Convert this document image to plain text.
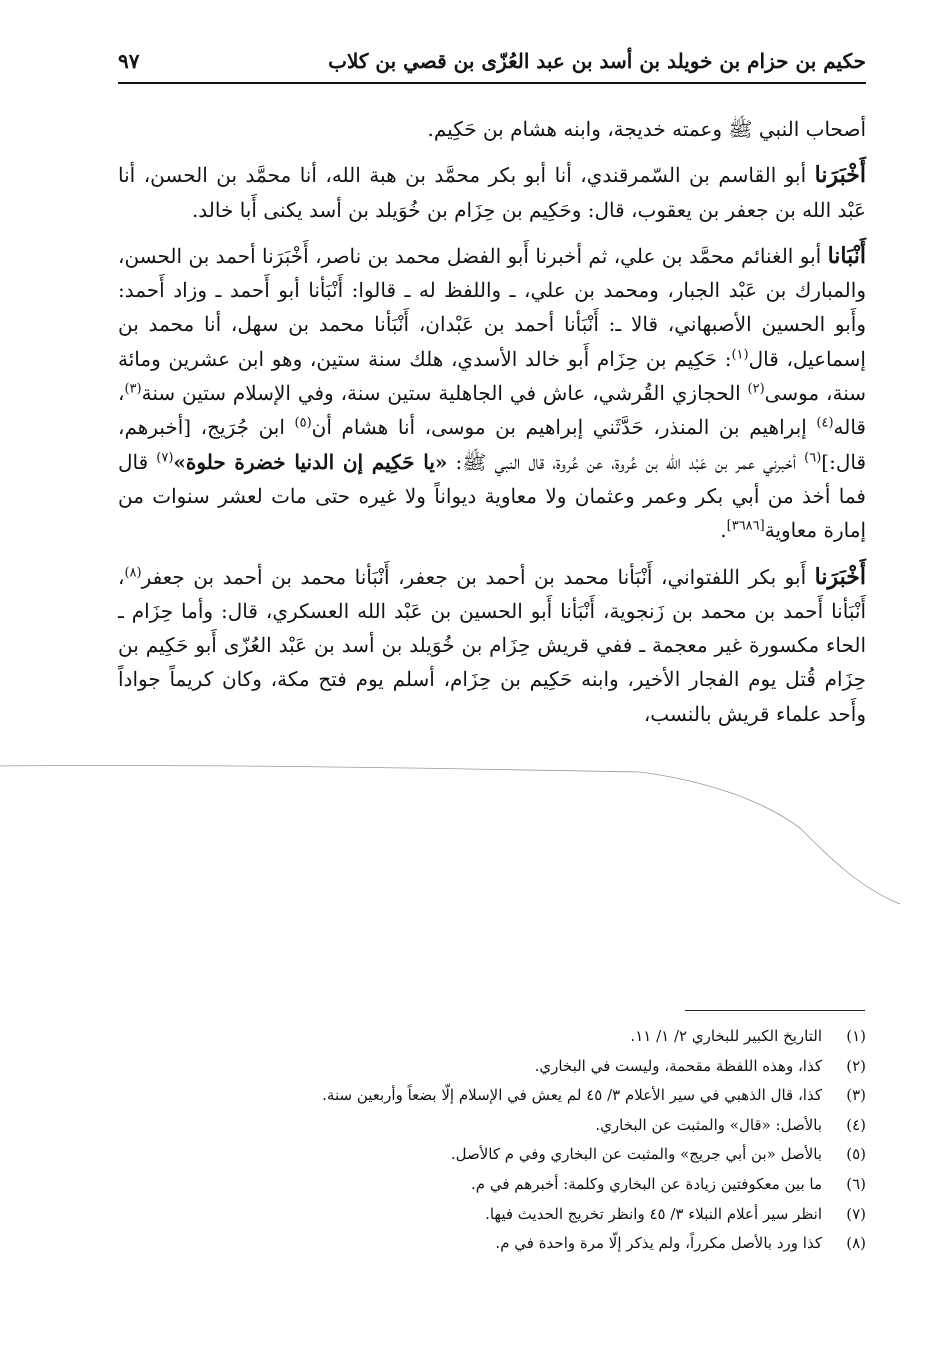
حكيم بن حزام بن خويلد بن أسد بن عبد العُزّى بن قصي بن كلاب
٩٧

أصحاب النبي ﷺ وعمته خديجة، وابنه هشام بن حَكِيم.

أَخْبَرَنا أبو القاسم بن السّمرقندي، أنا أبو بكر محمَّد بن هبة الله، أنا محمَّد بن الحسن، أنا عَبْد الله بن جعفر بن يعقوب، قال: وحَكِيم بن حِزَام بن خُوَيلد بن أسد يكنى أَبا خالد.

أَنْبَانا أبو الغنائم محمَّد بن علي، ثم أخبرنا أَبو الفضل محمد بن ناصر، أَخْبَرَنا أحمد بن الحسن، والمبارك بن عَبْد الجبار، ومحمد بن علي، ـ واللفظ له ـ قالوا: أَنْبَأنا أبو أَحمد ـ وزاد أَحمد: وأَبو الحسين الأصبهاني، قالا ـ: أَنْبَأنا أحمد بن عَبْدان، أَنْبَأنا محمد بن سهل، أنا محمد بن إسماعيل، قال$^{(١)}$: حَكِيم بن حِزَام أَبو خالد الأسدي، هلك سنة ستين، وهو ابن عشرين ومائة سنة، موسى$^{(٢)}$ الحجازي القُرشي، عاش في الجاهلية ستين سنة، وفي الإسلام ستين سنة$^{(٣)}$، قاله$^{(٤)}$ إبراهيم بن المنذر، حَدَّثَني إبراهيم بن موسى، أنا هشام أن$^{(٥)}$ ابن جُرَيج، [أخبرهم، قال:]$^{(٦)}$ أخبرني عمر بن عَبْد الله بن عُروة، عن عُروة، قال النبي ﷺ: «يا حَكِيم إن الدنيا خضرة حلوة»$^{(٧)}$ قال فما أخذ من أبي بكر وعمر وعثمان ولا معاوية ديواناً ولا غيره حتى مات لعشر سنوات من إمارة معاوية[٣٦٨٦].

أَخْبَرَنا أَبو بكر اللفتواني، أَنْبَأنا محمد بن أحمد بن جعفر، أَنْبَأنا محمد بن أحمد بن جعفر$^{(٨)}$، أَنْبَأنا أَحمد بن محمد بن زَنجوية، أَنْبَأنا أَبو الحسين بن عَبْد الله العسكري، قال: وأما حِزَام ـ الحاء مكسورة غير معجمة ـ ففي قريش حِزَام بن خُوَيلد بن أسد بن عَبْد العُزّى أَبو حَكِيم بن حِزَام قُتل يوم الفجار الأخير، وابنه حَكِيم بن حِزَام، أسلم يوم فتح مكة، وكان كريماً جواداً وأَحد علماء قريش بالنسب،

(١)
التاريخ الكبير للبخاري ٢/ ١/ ١١.
(٢)
كذا، وهذه اللفظة مقحمة، وليست في البخاري.
(٣)
كذا، قال الذهبي في سير الأعلام ٣/ ٤٥ لم يعش في الإسلام إلّا بضعاً وأربعين سنة.
(٤)
بالأصل: «قال» والمثبت عن البخاري.
(٥)
بالأصل «بن أبي جريج» والمثبت عن البخاري وفي م كالأصل.
(٦)
ما بين معكوفتين زيادة عن البخاري وكلمة: أخبرهم في م.
(٧)
انظر سير أعلام النبلاء ٣/ ٤٥ وانظر تخريج الحديث فيها.
(٨)
كذا ورد بالأصل مكرراً، ولم يذكر إلّا مرة واحدة في م.
